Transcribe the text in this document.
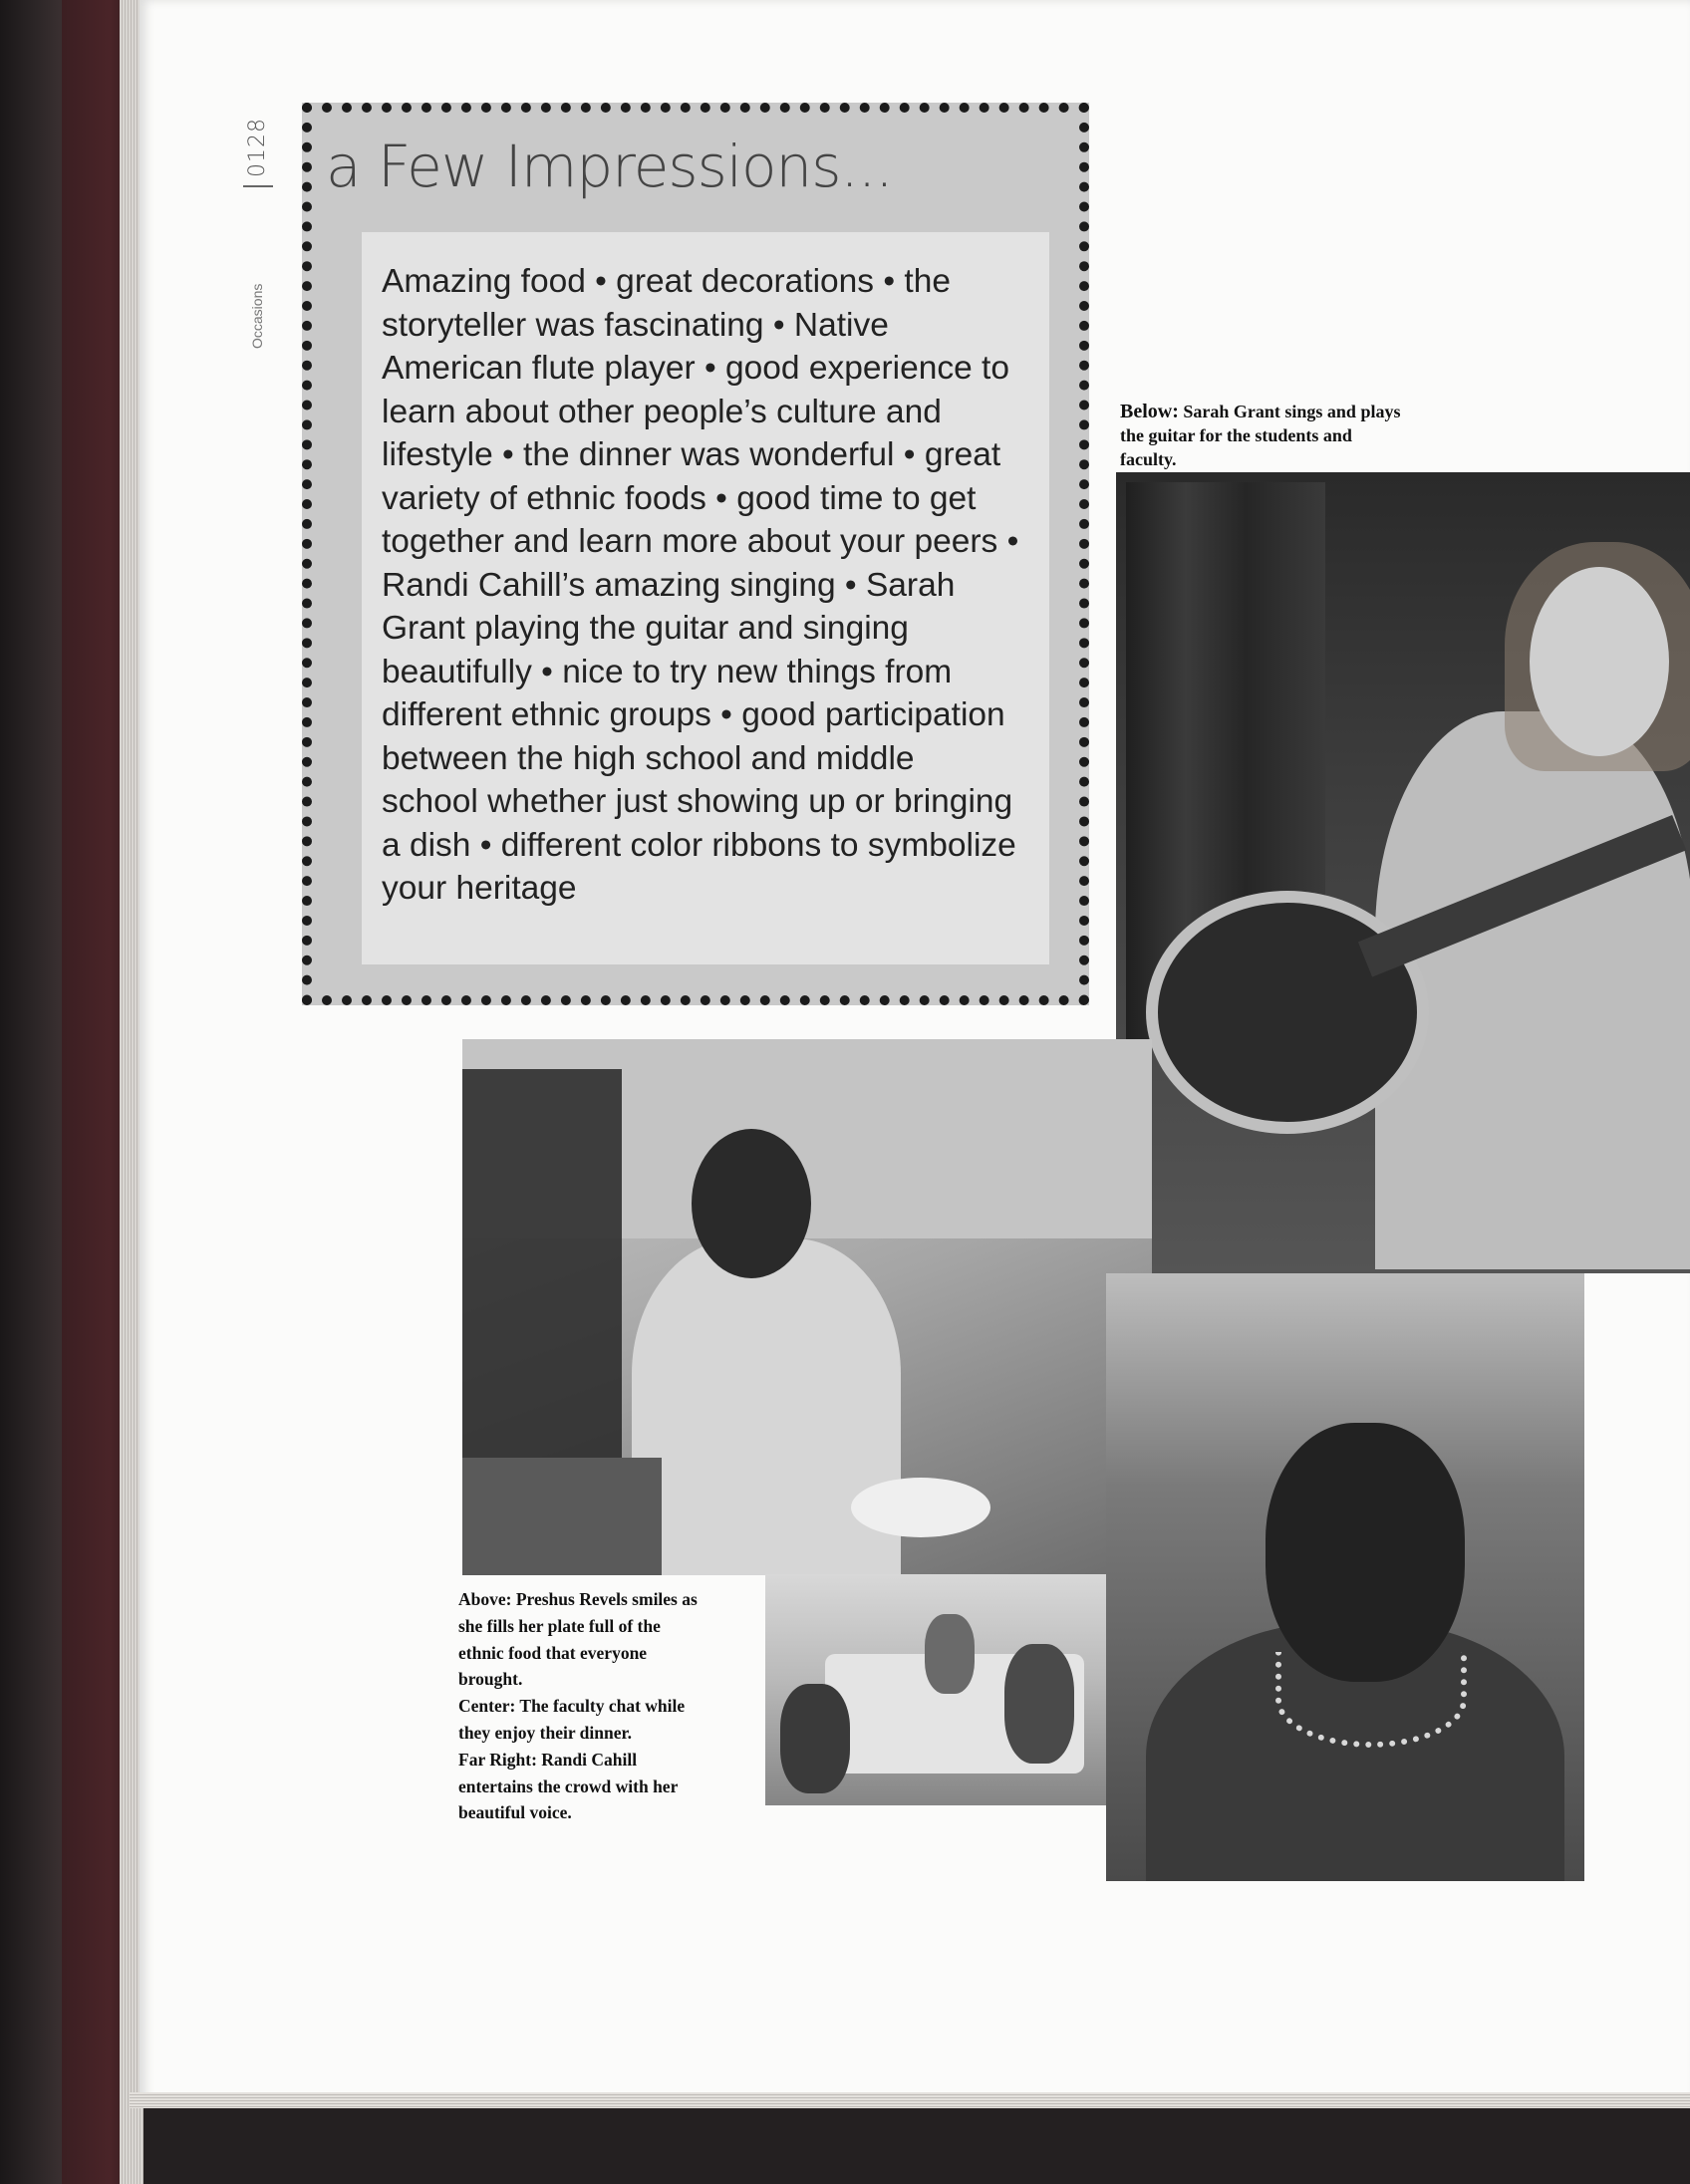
0128
Occasions
a Few Impressions...
Amazing food • great decorations • the storyteller was fascinating • Native American flute player • good experience to learn about other people’s culture and lifestyle • the dinner was wonderful • great variety of ethnic foods • good time to get together and learn more about your peers • Randi Cahill’s amazing singing • Sarah Grant playing the guitar and singing beautifully • nice to try new things from different ethnic groups • good participation between the high school and middle school whether just showing up or bringing a dish • different color ribbons to symbolize your heritage
Below: Sarah Grant sings and plays the guitar for the students and faculty.
Above: Preshus Revels smiles as she fills her plate full of the ethnic food that everyone brought.
Center: The faculty chat while they enjoy their dinner.
Far Right: Randi Cahill entertains the crowd with her beautiful voice.
